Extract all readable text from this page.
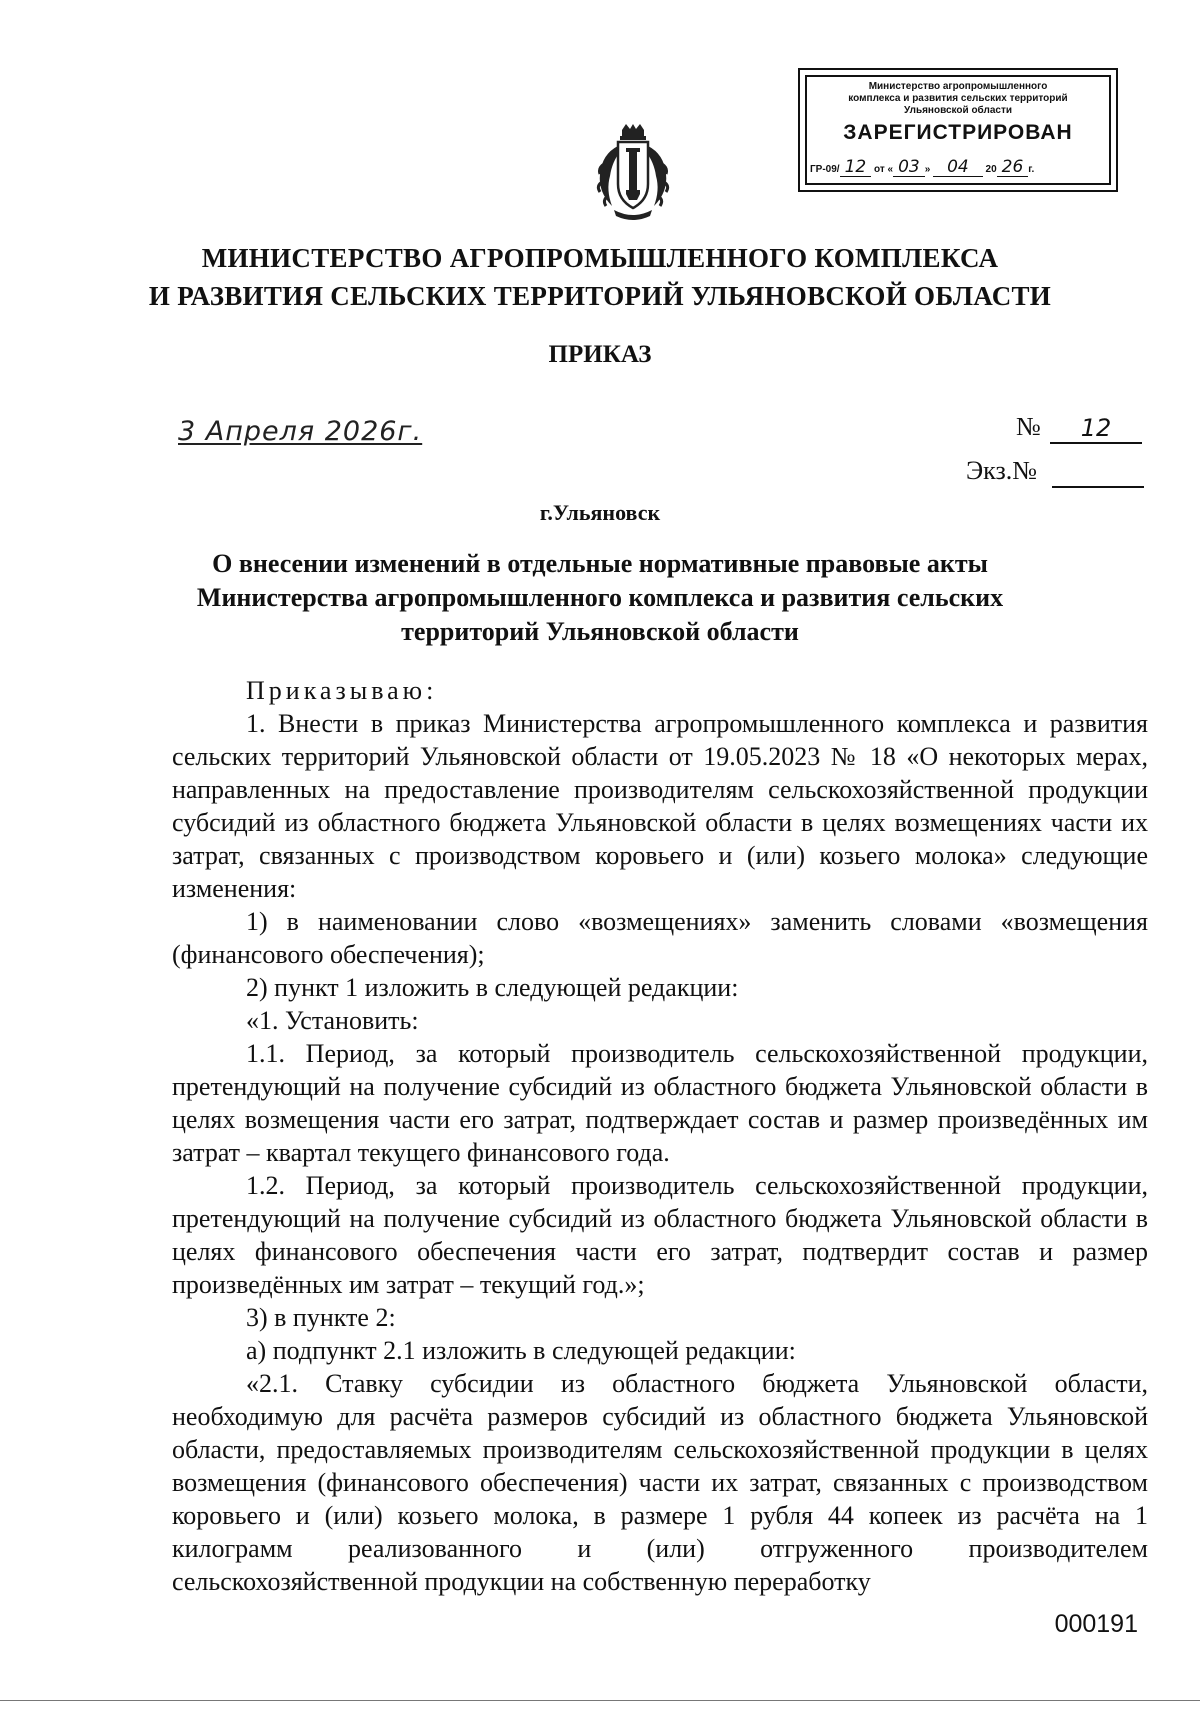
Министерство агропромышленного
комплекса и развития сельских территорий
Ульяновской области
ЗАРЕГИСТРИРОВАН
ГР-09/ 12 от « 03 » 04 20 26 г.
МИНИСТЕРСТВО АГРОПРОМЫШЛЕННОГО КОМПЛЕКСА
И РАЗВИТИЯ СЕЛЬСКИХ ТЕРРИТОРИЙ УЛЬЯНОВСКОЙ ОБЛАСТИ
ПРИКАЗ
3 Апреля 2026г.	№	12
Экз.№
г.Ульяновск
О внесении изменений в отдельные нормативные правовые акты
Министерства агропромышленного комплекса и развития сельских
территорий Ульяновской области

Приказываю:

1. Внести в приказ Министерства агропромышленного комплекса и развития сельских территорий Ульяновской области от 19.05.2023 № 18 «О некоторых мерах, направленных на предоставление производителям сельскохозяйственной продукции субсидий из областного бюджета Ульяновской области в целях возмещениях части их затрат, связанных с производством коровьего и (или) козьего молока» следующие изменения:

1) в наименовании слово «возмещениях» заменить словами «возмещения (финансового обеспечения);

2) пункт 1 изложить в следующей редакции:

«1. Установить:

1.1. Период, за который производитель сельскохозяйственной продукции, претендующий на получение субсидий из областного бюджета Ульяновской области в целях возмещения части его затрат, подтверждает состав и размер произведённых им затрат – квартал текущего финансового года.

1.2. Период, за который производитель сельскохозяйственной продукции, претендующий на получение субсидий из областного бюджета Ульяновской области в целях финансового обеспечения части его затрат, подтвердит состав и размер произведённых им затрат – текущий год.»;

3) в пункте 2:

а) подпункт 2.1 изложить в следующей редакции:

«2.1. Ставку субсидии из областного бюджета Ульяновской области, необходимую для расчёта размеров субсидий из областного бюджета Ульяновской области, предоставляемых производителям сельскохозяйственной продукции в целях возмещения (финансового обеспечения) части их затрат, связанных с производством коровьего и (или) козьего молока, в размере 1 рубля 44 копеек из расчёта на 1 килограмм реализованного и (или) отгруженного производителем сельскохозяйственной продукции на собственную переработку

000191
